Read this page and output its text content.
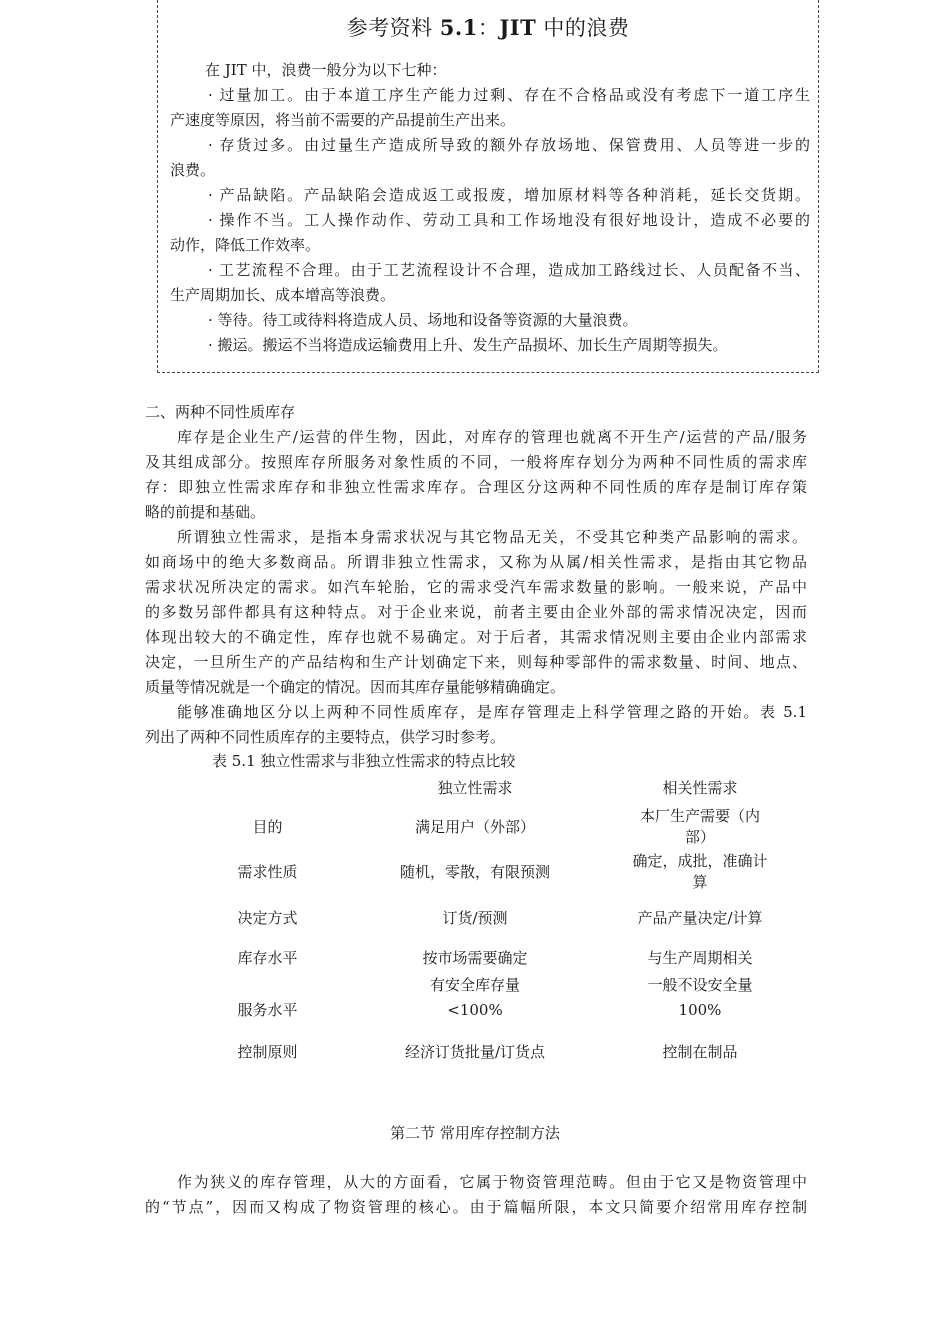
参考资料 5.1：JIT 中的浪费

在 JIT 中，浪费一般分为以下七种：

· 过量加工。由于本道工序生产能力过剩、存在不合格品或没有考虑下一道工序生

产速度等原因，将当前不需要的产品提前生产出来。

· 存货过多。由过量生产造成所导致的额外存放场地、保管费用、人员等进一步的

浪费。

· 产品缺陷。产品缺陷会造成返工或报废，增加原材料等各种消耗，延长交货期。

· 操作不当。工人操作动作、劳动工具和工作场地没有很好地设计，造成不必要的

动作，降低工作效率。

· 工艺流程不合理。由于工艺流程设计不合理，造成加工路线过长、人员配备不当、

生产周期加长、成本增高等浪费。

· 等待。待工或待料将造成人员、场地和设备等资源的大量浪费。

· 搬运。搬运不当将造成运输费用上升、发生产品损坏、加长生产周期等损失。

二、两种不同性质库存

库存是企业生产/运营的伴生物，因此，对库存的管理也就离不开生产/运营的产品/服务

及其组成部分。按照库存所服务对象性质的不同，一般将库存划分为两种不同性质的需求库

存：即独立性需求库存和非独立性需求库存。合理区分这两种不同性质的库存是制订库存策

略的前提和基础。

所谓独立性需求，是指本身需求状况与其它物品无关，不受其它种类产品影响的需求。

如商场中的绝大多数商品。所谓非独立性需求，又称为从属/相关性需求，是指由其它物品

需求状况所决定的需求。如汽车轮胎，它的需求受汽车需求数量的影响。一般来说，产品中

的多数另部件都具有这种特点。对于企业来说，前者主要由企业外部的需求情况决定，因而

体现出较大的不确定性，库存也就不易确定。对于后者，其需求情况则主要由企业内部需求

决定，一旦所生产的产品结构和生产计划确定下来，则每种零部件的需求数量、时间、地点、

质量等情况就是一个确定的情况。因而其库存量能够精确确定。

能够准确地区分以上两种不同性质库存，是库存管理走上科学管理之路的开始。表 5.1

列出了两种不同性质库存的主要特点，供学习时参考。

表 5.1 独立性需求与非独立性需求的特点比较
	独立性需求	相关性需求
目的	满足用户（外部）	本厂生产需要（内部）
需求性质	随机，零散，有限预测	确定，成批，准确计算
决定方式	订货/预测	产品产量决定/计算
库存水平	按市场需要确定	与生产周期相关
	有安全库存量	一般不设安全量
服务水平	<100%	100%
控制原则	经济订货批量/订货点	控制在制品
第二节 常用库存控制方法

作为狭义的库存管理，从大的方面看，它属于物资管理范畴。但由于它又是物资管理中

的“节点”，因而又构成了物资管理的核心。由于篇幅所限，本文只简要介绍常用库存控制
